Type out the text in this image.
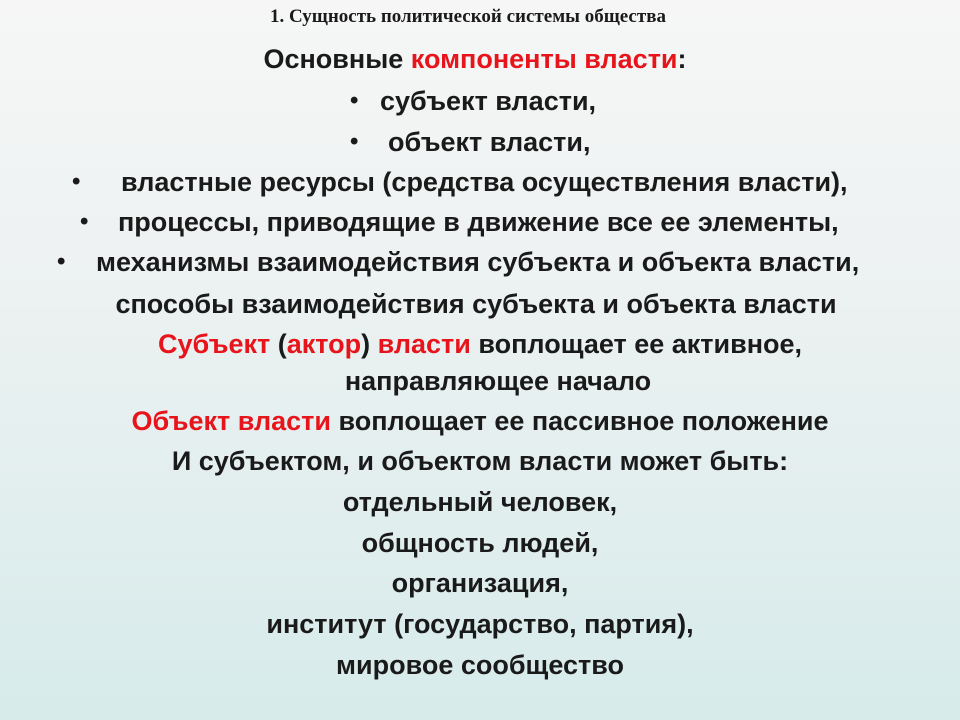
1. Сущность политической системы общества
Основные компоненты власти:
• субъект власти,
• объект власти,
• властные ресурсы (средства осуществления власти),
• процессы, приводящие в движение все ее элементы,
• механизмы взаимодействия субъекта и объекта власти,
способы взаимодействия субъекта и объекта власти
Субъект (актор) власти воплощает ее активное,
направляющее начало
Объект власти воплощает ее пассивное положение
И субъектом, и объектом власти может быть:
отдельный человек,
общность людей,
организация,
институт (государство, партия),
мировое сообщество
